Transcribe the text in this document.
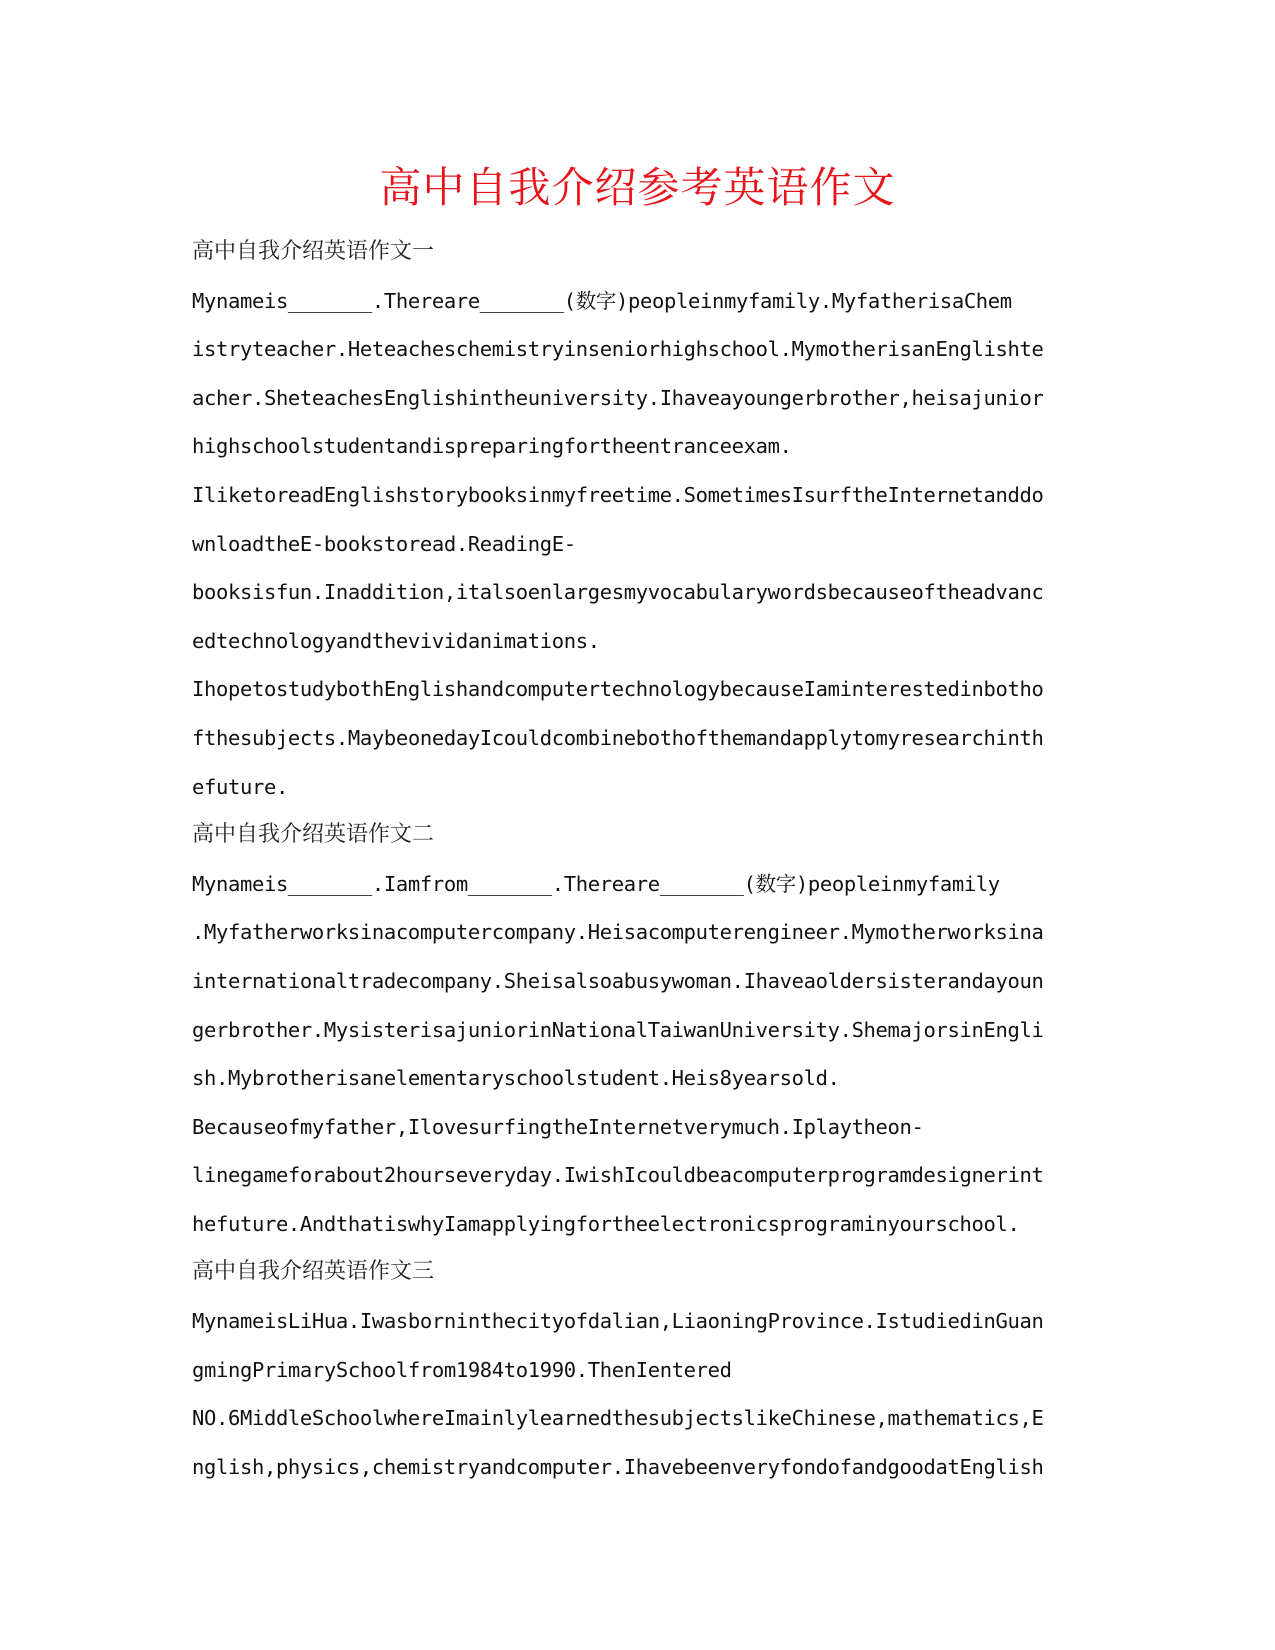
高中自我介绍参考英语作文
高中自我介绍英语作文一
Mynameis_______.Thereare_______(数字)peopleinmyfamily.MyfatherisaChem
istryteacher.Heteacheschemistryinseniorhighschool.MymotherisanEnglishte
acher.SheteachesEnglishintheuniversity.Ihaveayoungerbrother,heisajunior
highschoolstudentandispreparingfortheentranceexam.
IliketoreadEnglishstorybooksinmyfreetime.SometimesIsurftheInternetanddo
wnloadtheE-bookstoread.ReadingE-
booksisfun.Inaddition,italsoenlargesmyvocabularywordsbecauseoftheadvanc
edtechnologyandthevividanimations.
IhopetostudybothEnglishandcomputertechnologybecauseIaminterestedinbotho
fthesubjects.MaybeonedayIcouldcombinebothofthemandapplytomyresearchinth
efuture.
高中自我介绍英语作文二
Mynameis_______.Iamfrom_______.Thereare_______(数字)peopleinmyfamily
.Myfatherworksinacomputercompany.Heisacomputerengineer.Mymotherworksina
internationaltradecompany.Sheisalsoabusywoman.Ihaveaoldersisterandayoun
gerbrother.MysisterisajuniorinNationalTaiwanUniversity.ShemajorsinEngli
sh.Mybrotherisanelementaryschoolstudent.Heis8yearsold.
Becauseofmyfather,IlovesurfingtheInternetverymuch.Iplaytheon-
linegameforabout2hourseveryday.IwishIcouldbeacomputerprogramdesignerint
hefuture.AndthatiswhyIamapplyingfortheelectronicsprograminyourschool.
高中自我介绍英语作文三
MynameisLiHua.Iwasborninthecityofdalian,LiaoningProvince.IstudiedinGuan
gmingPrimarySchoolfrom1984to1990.ThenIentered
NO.6MiddleSchoolwhereImainlylearnedthesubjectslikeChinese,mathematics,E
nglish,physics,chemistryandcomputer.IhavebeenveryfondofandgoodatEnglish
